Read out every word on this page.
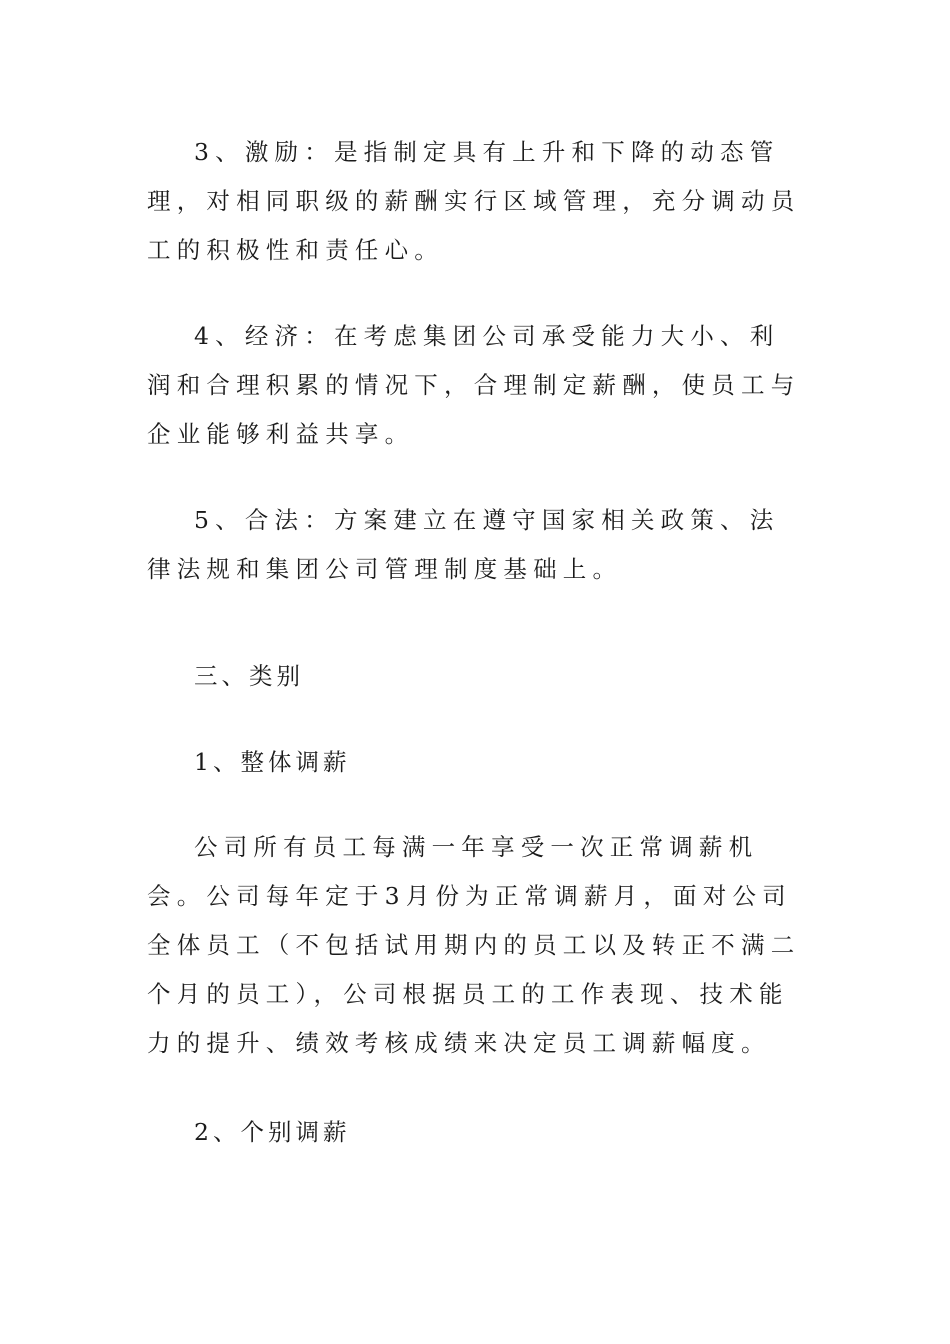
3、激励：是指制定具有上升和下降的动态管理，对相同职级的薪酬实行区域管理，充分调动员工的积极性和责任心。

4、经济：在考虑集团公司承受能力大小、利润和合理积累的情况下，合理制定薪酬，使员工与企业能够利益共享。

5、合法：方案建立在遵守国家相关政策、法律法规和集团公司管理制度基础上。

三、类别

1、整体调薪

公司所有员工每满一年享受一次正常调薪机会。公司每年定于3月份为正常调薪月，面对公司全体员工（不包括试用期内的员工以及转正不满二个月的员工），公司根据员工的工作表现、技术能力的提升、绩效考核成绩来决定员工调薪幅度。

2、个别调薪
